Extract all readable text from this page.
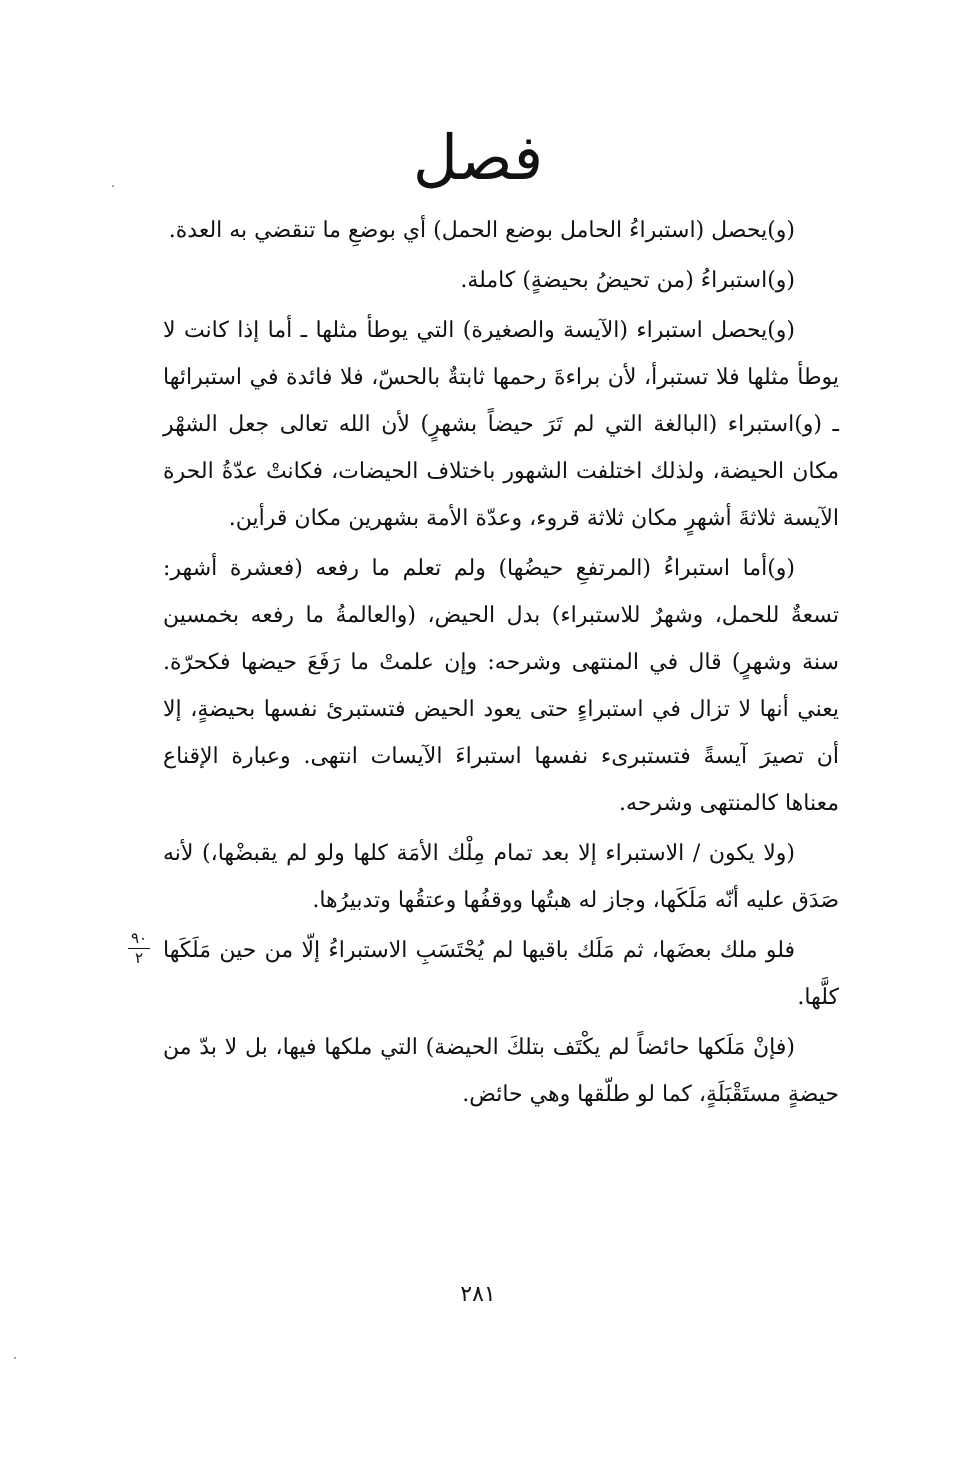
فصل

(و)يحصل (استبراءُ الحامل بوضع الحمل) أي بوضعِ ما تنقضي به العدة.

(و)استبراءُ (من تحيضُ بحيضةٍ) كاملة.

(و)يحصل استبراء (الآيسة والصغيرة) التي يوطأ مثلها ـ أما إذا كانت لا يوطأ مثلها فلا تستبرأ، لأن براءةَ رحمها ثابتةٌ بالحسّ، فلا فائدة في استبرائها ـ (و)استبراء (البالغة التي لم تَرَ حيضاً بشهرٍ) لأن الله تعالى جعل الشهْر مكان الحيضة، ولذلك اختلفت الشهور باختلاف الحيضات، فكانتْ عدّةُ الحرة الآيسة ثلاثةَ أشهرٍ مكان ثلاثة قروء، وعدّة الأمة بشهرين مكان قرأين.

(و)أما استبراءُ (المرتفعِ حيضُها) ولم تعلم ما رفعه (فعشرة أشهر: تسعةٌ للحمل، وشهرٌ للاستبراء) بدل الحيض، (والعالمةُ ما رفعه بخمسين سنة وشهرٍ) قال في المنتهى وشرحه: وإن علمتْ ما رَفَعَ حيضها فكحرّة. يعني أنها لا تزال في استبراءٍ حتى يعود الحيض فتستبرئ نفسها بحيضةٍ، إلا أن تصيرَ آيسةً فتستبرىء نفسها استبراءَ الآيسات انتهى. وعبارة الإقناع معناها كالمنتهى وشرحه.

(ولا يكون / الاستبراء إلا بعد تمام مِلْك الأمَة كلها ولو لم يقبضْها،) لأنه صَدَق عليه أنّه مَلَكَها، وجاز له هبتُها ووقفُها وعتقُها وتدبيرُها.

فلو ملك بعضَها، ثم مَلَك باقيها لم يُحْتَسَبِ الاستبراءُ إلّا من حين مَلَكَها كلَّها.

(فإنْ مَلَكها حائضاً لم يكْتَف بتلكَ الحيضة) التي ملكها فيها، بل لا بدّ من حيضةٍ مستَقْبَلَةٍ، كما لو طلّقها وهي حائض.

٩٠
٢
٢٨١
